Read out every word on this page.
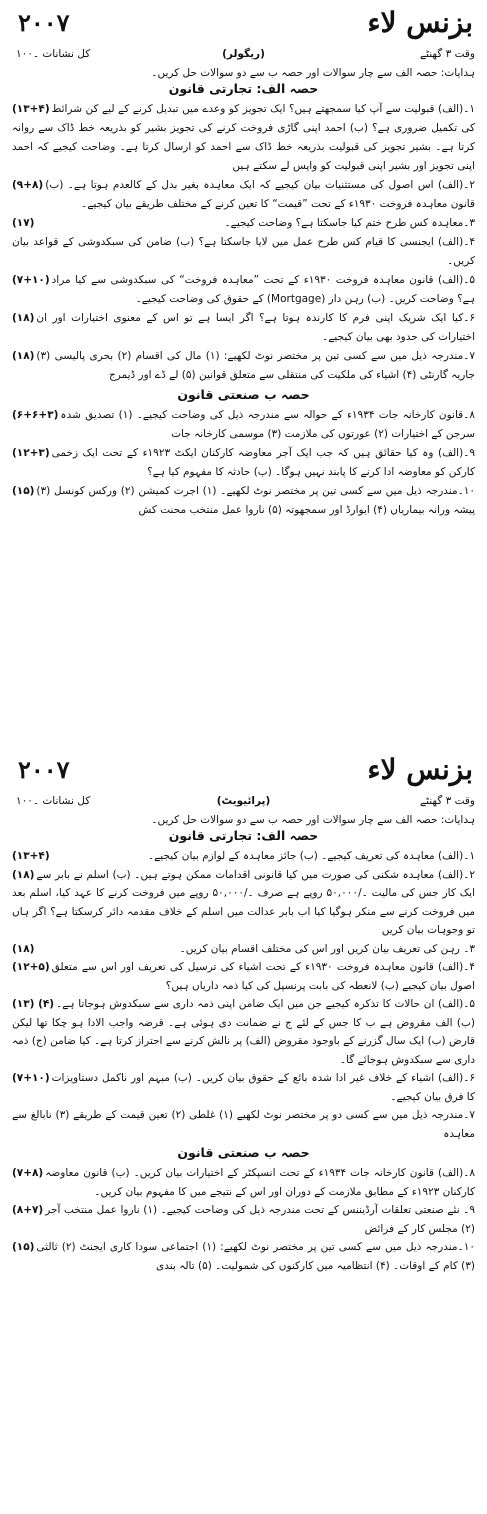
بزنس لاء
۲۰۰۷
وقت ۳ گھنٹے
(ریگولر)
کل نشانات ۔۱۰۰
ہدایات: حصہ الف سے چار سوالات اور حصہ ب سے دو سوالات حل کریں۔
حصہ الف: تجارتی قانون
(۱۳+۴) ۱۔(الف) قبولیت سے آپ کیا سمجھتے ہیں؟ ایک تجویز کو وعدے میں تبدیل کرنے کے لیے کن شرائط کی تکمیل ضروری ہے؟ (ب) احمد اپنی گاڑی فروخت کرنے کی تجویز بشیر کو بذریعہ خط ڈاک سے روانہ کرتا ہے۔ بشیر تجویز کی قبولیت بذریعہ خط ڈاک سے احمد کو ارسال کرتا ہے۔ وضاحت کیجیے کہ احمد اپنی تجویز اور بشیر اپنی قبولیت کو واپس لے سکتے ہیں
(۹+۸) ۲۔(الف) اس اصول کی مستثنیات بیان کیجیے کہ ایک معاہدہ بغیر بدل کے کالعدم ہوتا ہے۔ (ب) قانون معاہدہ فروخت ۱۹۳۰ء کے تحت ”قیمت“ کا تعین کرنے کے مختلف طریقے بیان کیجیے۔
(۱۷)	۳۔معاہدہ کس طرح ختم کیا جاسکتا ہے؟ وضاحت کیجیے۔
۴۔(الف) ایجنسی کا قیام کس طرح عمل میں لایا جاسکتا ہے؟ (ب) ضامن کی سبکدوشی کے قواعد بیان کریں۔
(۷+۱۰) ۵۔(الف) قانون معاہدہ فروخت ۱۹۳۰ء کے تحت ”معاہدہ فروخت“ کی سبکدوشی سے کیا مراد ہے؟ وضاحت کریں۔ (ب) رہن دار (Mortgage) کے حقوق کی وضاحت کیجیے۔
(۱۸) ۶۔کیا ایک شریک اپنی فرم کا کارندہ ہوتا ہے؟ اگر ایسا ہے تو اس کے معنوی اختیارات اور ان اختیارات کی حدود بھی بیان کیجیے۔
(۱۸) ۷۔مندرجہ ذیل میں سے کسی تین پر مختصر نوٹ لکھیے: (۱) مال کی اقسام (۲) بحری پالیسی (۳) جاریہ گارنٹی (۴) اشیاء کی ملکیت کی منتقلی سے متعلق قوانین (۵) لے ڈے اور ڈیمرج
حصہ ب صنعتی قانون
(۶+۶+۳) ۸۔قانون کارخانہ جات ۱۹۳۴ء کے حوالہ سے مندرجہ ذیل کی وضاحت کیجیے۔ (۱) تصدیق شدہ سرجن کے اختیارات (۲) عورتوں کی ملازمت (۳) موسمی کارخانہ جات
(۱۲+۳) ۹۔(الف) وہ کیا حقائق ہیں کہ جب ایک آجر معاوضہ کارکنان ایکٹ ۱۹۲۳ء کے تحت ایک زخمی کارکن کو معاوضہ ادا کرنے کا پابند نہیں ہوگا۔ (ب) حادثہ کا مفہوم کیا ہے؟
(۱۵) ۱۰۔مندرجہ ذیل میں سے کسی تین پر مختصر نوٹ لکھیے۔ (۱) اجرت کمیشن (۲) ورکس کونسل (۳) پیشہ ورانہ بیماریاں (۴) ایوارڈ اور سمجھوتہ (۵) ناروا عمل منتخب محنت کش
بزنس لاء
۲۰۰۷
وقت ۳ گھنٹے
(پرائیویٹ)
کل نشانات ۔۱۰۰
ہدایات: حصہ الف سے چار سوالات اور حصہ ب سے دو سوالات حل کریں۔
حصہ الف: تجارتی قانون
(۱۳+۴)	۱۔(الف) معاہدہ کی تعریف کیجیے۔ (ب) جائز معاہدہ کے لوازم بیان کیجیے۔
(۱۸) ۲۔(الف) معاہدہ شکنی کی صورت میں کیا قانونی اقدامات ممکن ہوتے ہیں۔ (ب) اسلم نے بابر سے ایک کار جس کی مالیت ۔/۵۰,۰۰۰ روپے ہے صرف ۔/۵۰,۰۰۰ روپے میں فروخت کرنے کا عہد کیا، اسلم بعد میں فروخت کرنے سے منکر ہوگیا کیا اب بابر عدالت میں اسلم کے خلاف مقدمہ دائر کرسکتا ہے؟ اگر ہاں تو وجوہات بیان کریں
(۱۸)	۳۔ رہن کی تعریف بیان کریں اور اس کی مختلف اقسام بیان کریں۔
(۱۲+۵) ۴۔(الف) قانون معاہدہ فروخت ۱۹۳۰ء کے تحت اشیاء کی ترسیل کی تعریف اور اس سے متعلق اصول بیان کیجیے (ب) لانعطہ کی بابت پرنسپل کی کیا ذمہ داریاں ہیں؟
(۱۳) (۴) ۵۔(الف) ان حالات کا تذکرہ کیجیے جن میں ایک ضامن اپنی ذمہ داری سے سبکدوش ہوجاتا ہے۔ (ب) الف مقروض ہے ب کا جس کے لئے ج نے ضمانت دی ہوئی ہے۔ قرضہ واجب الادا ہو چکا تھا لیکن قارض (ب) ایک سال گزرنے کے باوجود مقروض (الف) پر نالش کرنے سے احتراز کرتا ہے۔ کیا ضامن (ج) ذمہ داری سے سبکدوش ہوجائے گا۔
(۷+۱۰) ۶۔(الف) اشیاء کے خلاف غیر ادا شدہ بائع کے حقوق بیان کریں۔ (ب) مبہم اور ناکمل دستاویزات کا فرق بیان کیجیے۔
۷۔مندرجہ ذیل میں سے کسی دو پر مختصر نوٹ لکھیے (۱) غلطی (۲) تعین قیمت کے طریقے (۳) نابالغ سے معاہدہ
حصہ ب صنعتی قانون
(۷+۸) ۸۔(الف) قانون کارخانہ جات ۱۹۳۴ء کے تحت انسپکٹر کے اختیارات بیان کریں۔ (ب) قانون معاوضہ کارکنان ۱۹۲۳ء کے مطابق ملازمت کے دوران اور اس کے نتیجے میں کا مفہوم بیان کریں۔
(۸+۷) ۹۔ نئے صنعتی تعلقات آرڈیننس کے تحت مندرجہ ذیل کی وضاحت کیجیے۔ (۱) ناروا عمل منتخب آجر (۲) مجلس کار کے فرائض
(۱۵) ۱۰۔مندرجہ ذیل میں سے کسی تین پر مختصر نوٹ لکھیے: (۱) اجتماعی سودا کاری ایجنٹ (۲) ثالثی (۳) کام کے اوقات۔ (۴) انتظامیہ میں کارکنوں کی شمولیت۔ (۵) تالہ بندی
